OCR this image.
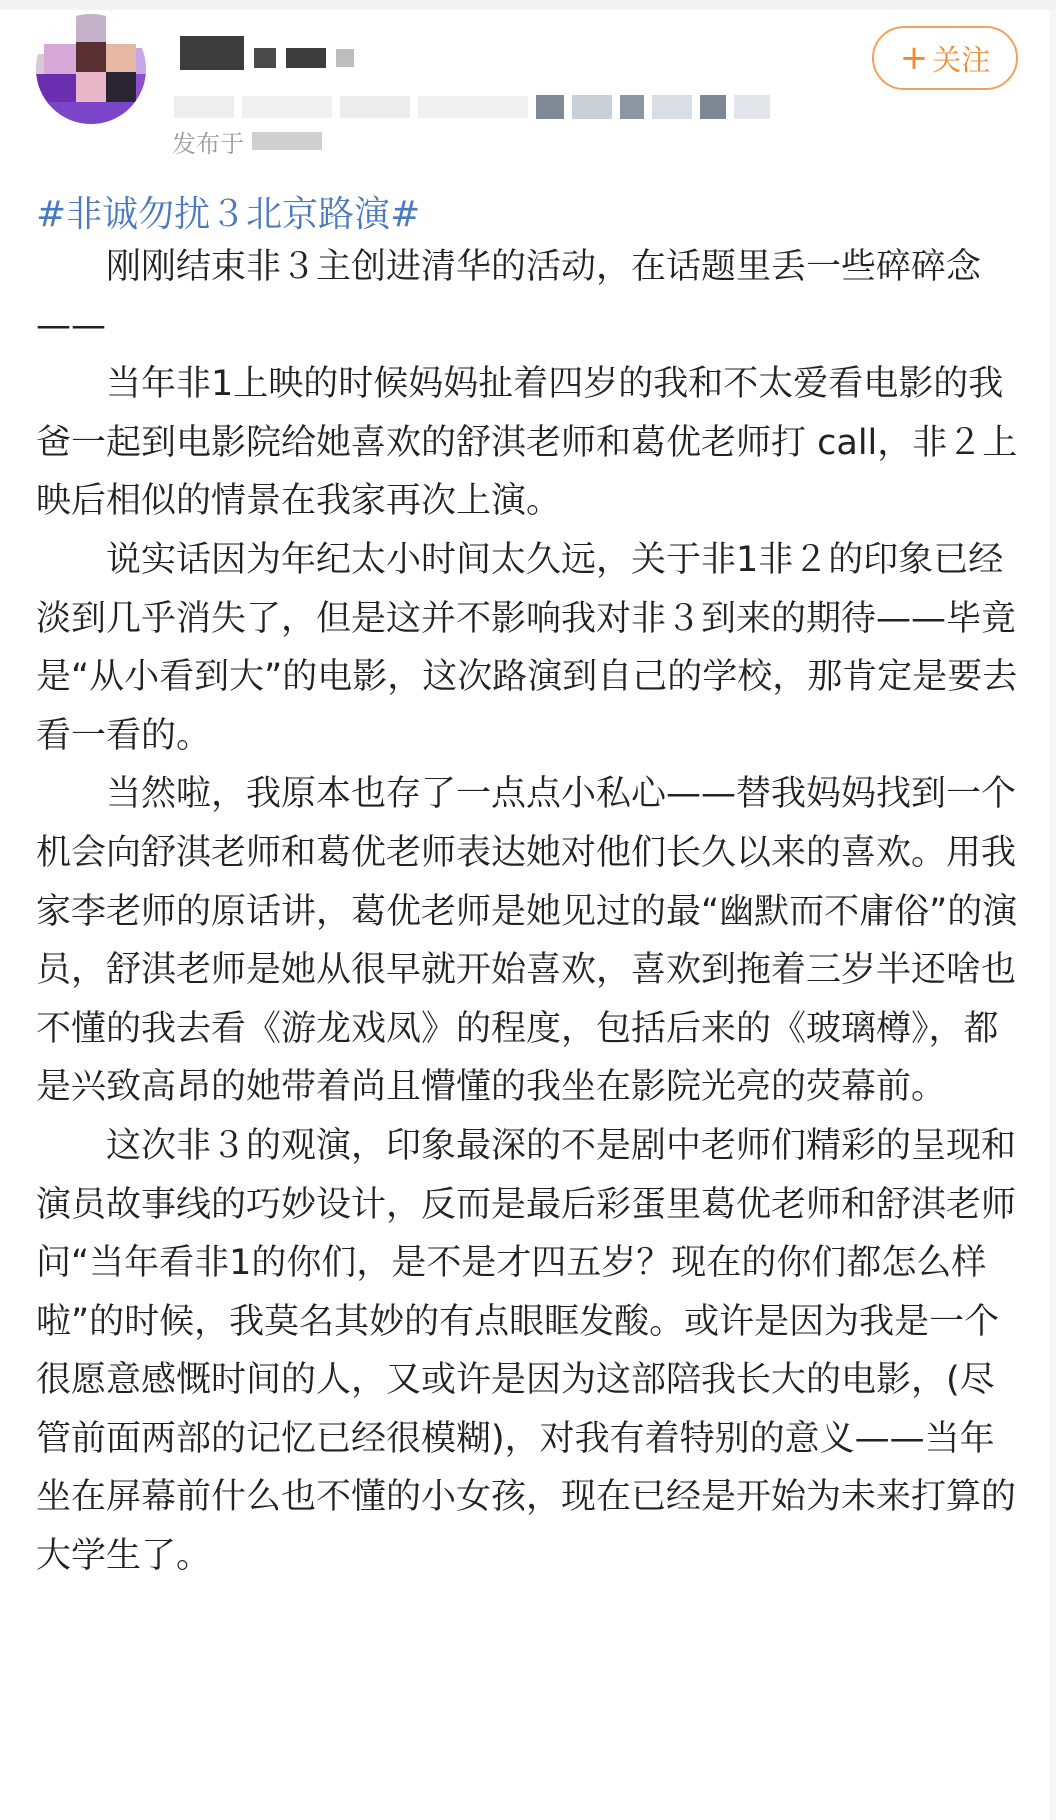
发布于
+ 关注
#非诚勿扰３北京路演#

刚刚结束非３主创进清华的活动，在话题里丢一些碎碎念——

当年非1上映的时候妈妈扯着四岁的我和不太爱看电影的我爸一起到电影院给她喜欢的舒淇老师和葛优老师打 call，非２上映后相似的情景在我家再次上演。

说实话因为年纪太小时间太久远，关于非1非２的印象已经淡到几乎消失了，但是这并不影响我对非３到来的期待——毕竟是“从小看到大”的电影，这次路演到自己的学校，那肯定是要去看一看的。

当然啦，我原本也存了一点点小私心——替我妈妈找到一个机会向舒淇老师和葛优老师表达她对他们长久以来的喜欢。用我家李老师的原话讲，葛优老师是她见过的最“幽默而不庸俗”的演员，舒淇老师是她从很早就开始喜欢，喜欢到拖着三岁半还啥也不懂的我去看《游龙戏凤》的程度，包括后来的《玻璃樽》，都是兴致高昂的她带着尚且懵懂的我坐在影院光亮的荧幕前。

这次非３的观演，印象最深的不是剧中老师们精彩的呈现和演员故事线的巧妙设计，反而是最后彩蛋里葛优老师和舒淇老师问“当年看非1的你们，是不是才四五岁？现在的你们都怎么样啦”的时候，我莫名其妙的有点眼眶发酸。或许是因为我是一个很愿意感慨时间的人，又或许是因为这部陪我长大的电影，(尽管前面两部的记忆已经很模糊)，对我有着特别的意义——当年坐在屏幕前什么也不懂的小女孩，现在已经是开始为未来打算的大学生了。
